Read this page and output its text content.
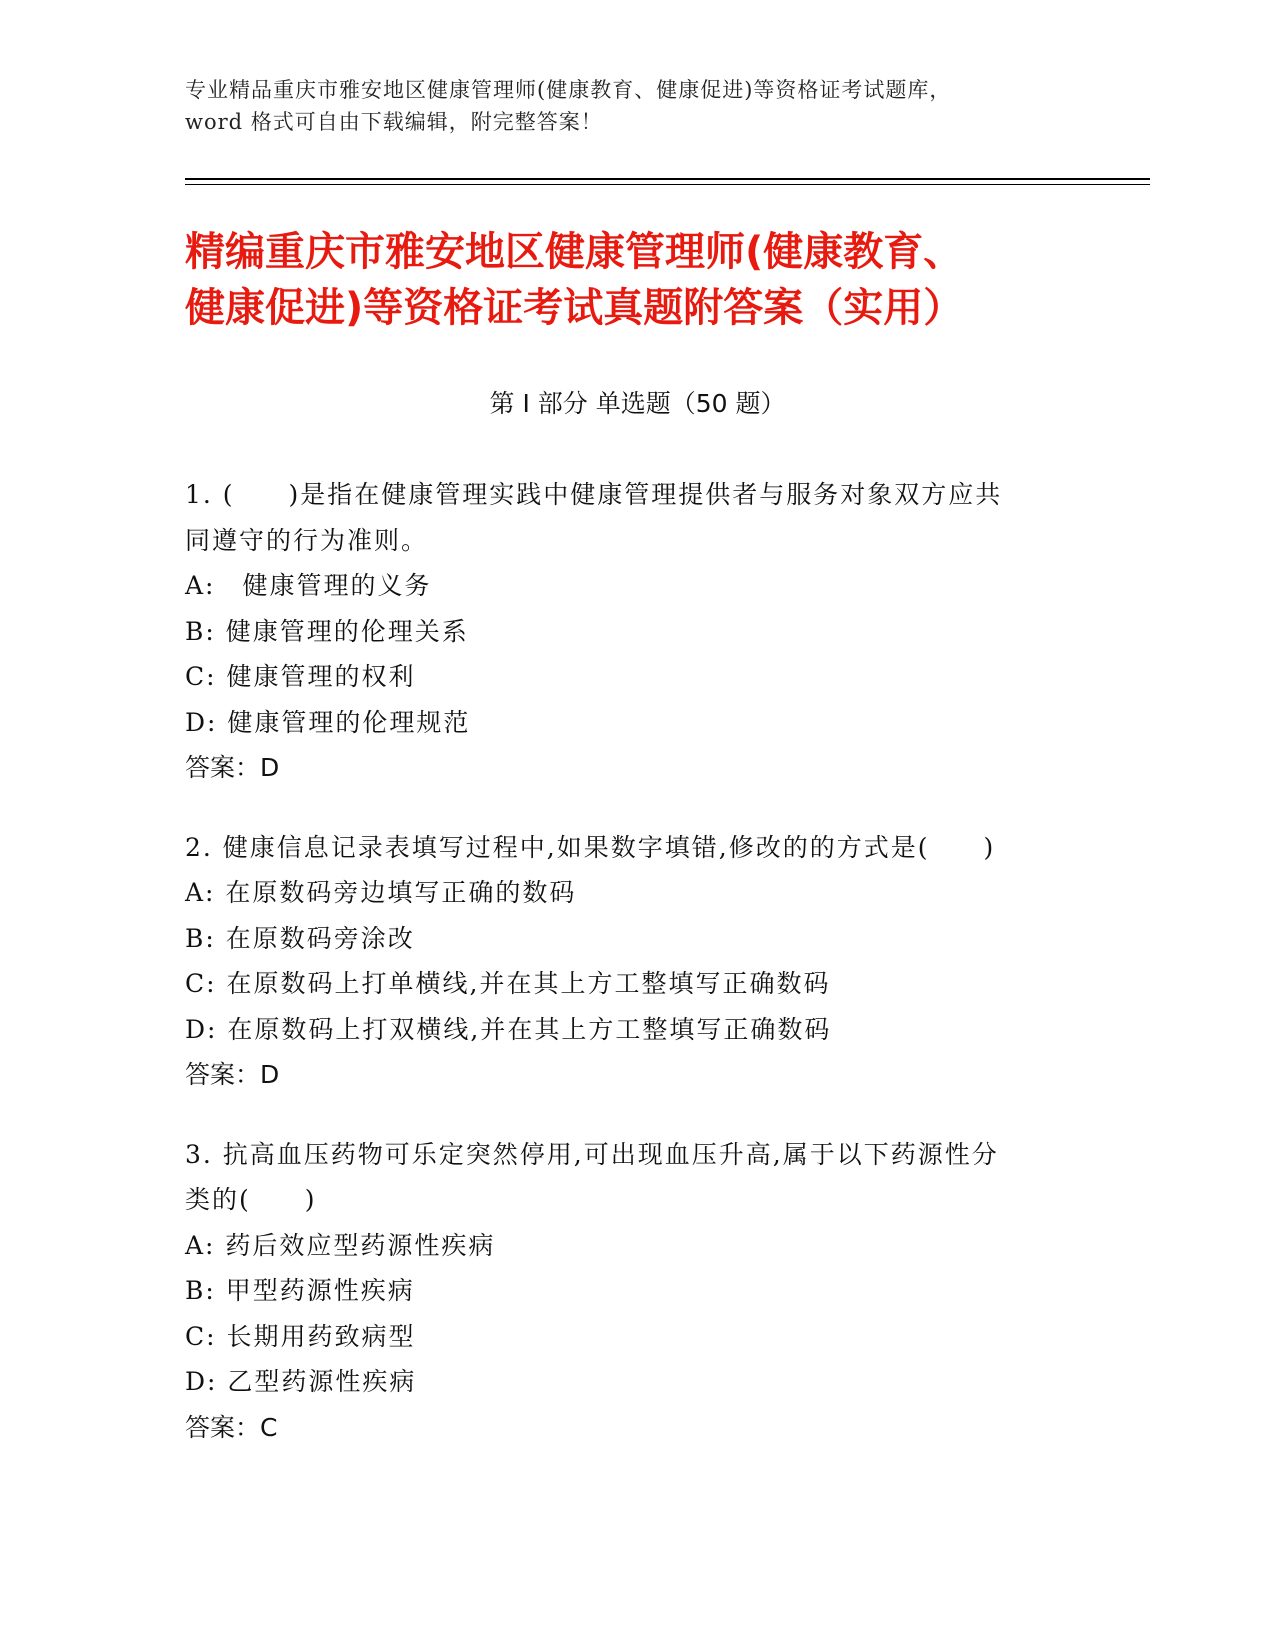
专业精品重庆市雅安地区健康管理师(健康教育、健康促进)等资格证考试题库，
word 格式可自由下载编辑，附完整答案！
精编重庆市雅安地区健康管理师(健康教育、
健康促进)等资格证考试真题附答案（实用）
第 I 部分 单选题（50 题）
1. (　　)是指在健康管理实践中健康管理提供者与服务对象双方应共
同遵守的行为准则。
A:　健康管理的义务
B: 健康管理的伦理关系
C: 健康管理的权利
D: 健康管理的伦理规范
答案：D
2. 健康信息记录表填写过程中,如果数字填错,修改的的方式是(　　)
A: 在原数码旁边填写正确的数码
B: 在原数码旁涂改
C: 在原数码上打单横线,并在其上方工整填写正确数码
D: 在原数码上打双横线,并在其上方工整填写正确数码
答案：D
3. 抗高血压药物可乐定突然停用,可出现血压升高,属于以下药源性分
类的(　　)
A: 药后效应型药源性疾病
B: 甲型药源性疾病
C: 长期用药致病型
D: 乙型药源性疾病
答案：C
